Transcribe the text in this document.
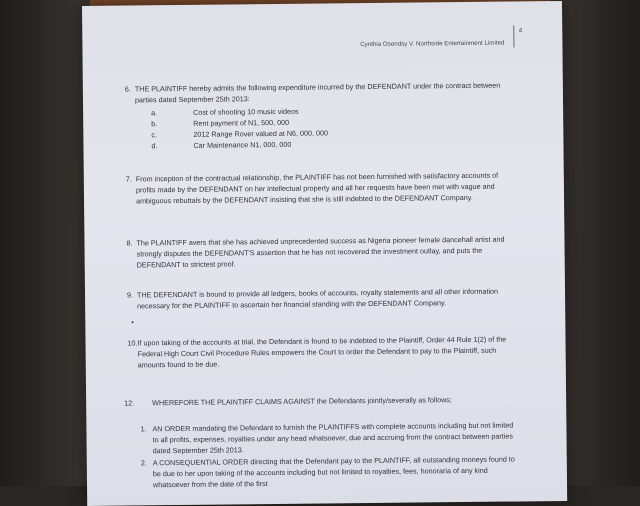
Cynthia Osendsy V. Northside Entertainment Limited
4
6. THE PLAINTIFF hereby admits the following expenditure incurred by the DEFENDANT under the contract between parties dated September 25th 2013:
a.	Cost of shooting 10 music videos
b.	Rent payment of N1, 500, 000
c.	2012 Range Rover valued at N6, 000, 000
d.	Car Maintenance N1, 000, 000
7. From inception of the contractual relationship, the PLAINTIFF has not been furnished with satisfactory accounts of profits made by the DEFENDANT on her intellectual property and all her requests have been met with vague and ambiguous rebuttals by the DEFENDANT insisting that she is still indebted to the DEFENDANT Company.
8. The PLAINTIFF avers that she has achieved unprecedented success as Nigeria pioneer female dancehall artist and strongly disputes the DEFENDANT'S assertion that he has not recovered the investment outlay, and puts the DEFENDANT to strictest proof.
9. THE DEFENDANT is bound to provide all ledgers, books of accounts, royalty statements and all other information necessary for the PLAINTIFF to ascertain her financial standing with the DEFENDANT Company.
•
10. If upon taking of the accounts at trial, the Defendant is found to be indebted to the Plaintiff, Order 44 Rule 1(2) of the Federal High Court Civil Procedure Rules empowers the Court to order the Defendant to pay to the Plaintiff, such amounts found to be due.
12. WHEREFORE THE PLAINTIFF CLAIMS AGAINST the Defendants jointly/severally as follows;
1. AN ORDER mandating the Defendant to furnish the PLAINTIFFS with complete accounts including but not limited to all profits, expenses, royalties under any head whatsoever, due and accruing from the contract between parties dated September 25th 2013.
2. A CONSEQUENTIAL ORDER directing that the Defendant pay to the PLAINTIFF, all outstanding moneys found to be due to her upon taking of the accounts including but not limited to royalties, fees, honoraria of any kind whatsoever from the date of the first
